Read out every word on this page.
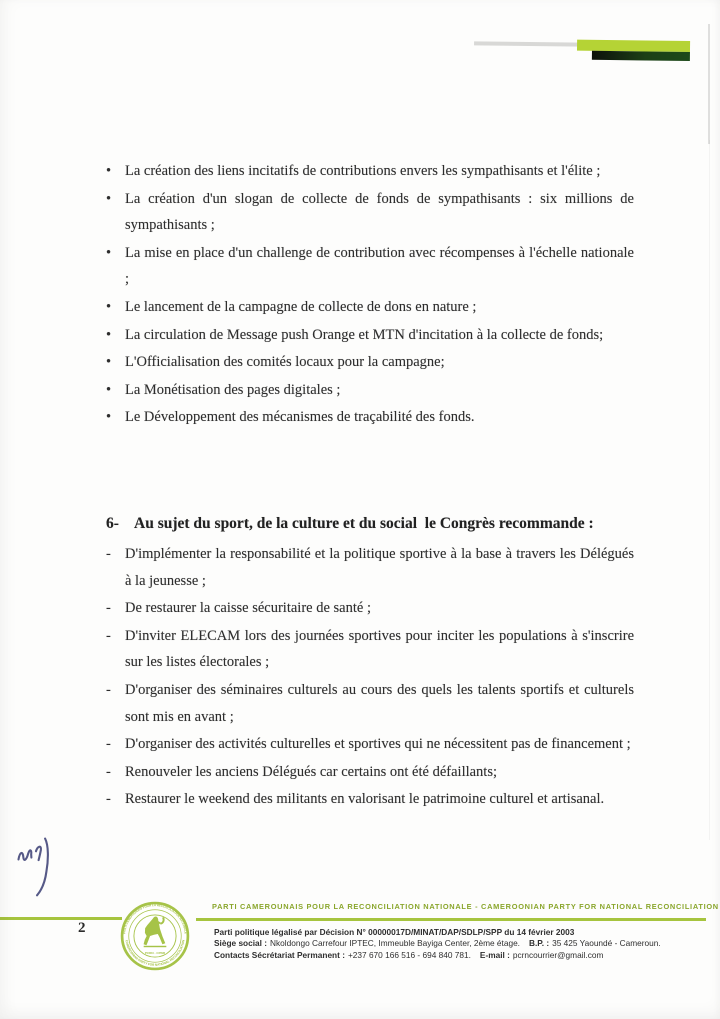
• La création des liens incitatifs de contributions envers les sympathisants et l'élite ;
• La création d'un slogan de collecte de fonds de sympathisants : six millions de sympathisants ;
• La mise en place d'un challenge de contribution avec récompenses à l'échelle nationale ;
• Le lancement de la campagne de collecte de dons en nature ;
• La circulation de Message push Orange et MTN d'incitation à la collecte de fonds;
• L'Officialisation des comités locaux pour la campagne;
• La Monétisation des pages digitales ;
• Le Développement des mécanismes de traçabilité des fonds.
6- Au sujet du sport, de la culture et du social  le Congrès recommande :
- D'implémenter la responsabilité et la politique sportive à la base à travers les Délégués à la jeunesse ;
- De restaurer la caisse sécuritaire de santé ;
- D'inviter ELECAM lors des journées sportives pour inciter les populations à s'inscrire sur les listes électorales ;
- D'organiser des séminaires culturels au cours des quels les talents sportifs et culturels sont mis en avant ;
- D'organiser des activités culturelles et sportives qui ne nécessitent pas de financement ;
- Renouveler les anciens Délégués car certains ont été défaillants;
- Restaurer le weekend des militants en valorisant le patrimoine culturel et artisanal.
2	PARTI CAMEROUNAIS POUR LA RECONCILIATION NATIONALE
CAMEROONIAN PARTY FOR NATIONAL RECONCILIATION
PCRN - CPNR
PARTI CAMEROUNAIS POUR LA RECONCILIATION NATIONALE - CAMEROONIAN PARTY FOR NATIONAL RECONCILIATION
Parti politique légalisé par Décision N° 00000017D/MINAT/DAP/SDLP/SPP du 14 février 2003
Siège social : Nkoldongo Carrefour IPTEC, Immeuble Bayiga Center, 2ème étage. B.P. : 35 425 Yaoundé - Cameroun.
Contacts Sécrétariat Permanent : +237 670 166 516 - 694 840 781. E-mail : pcrncourrier@gmail.com
